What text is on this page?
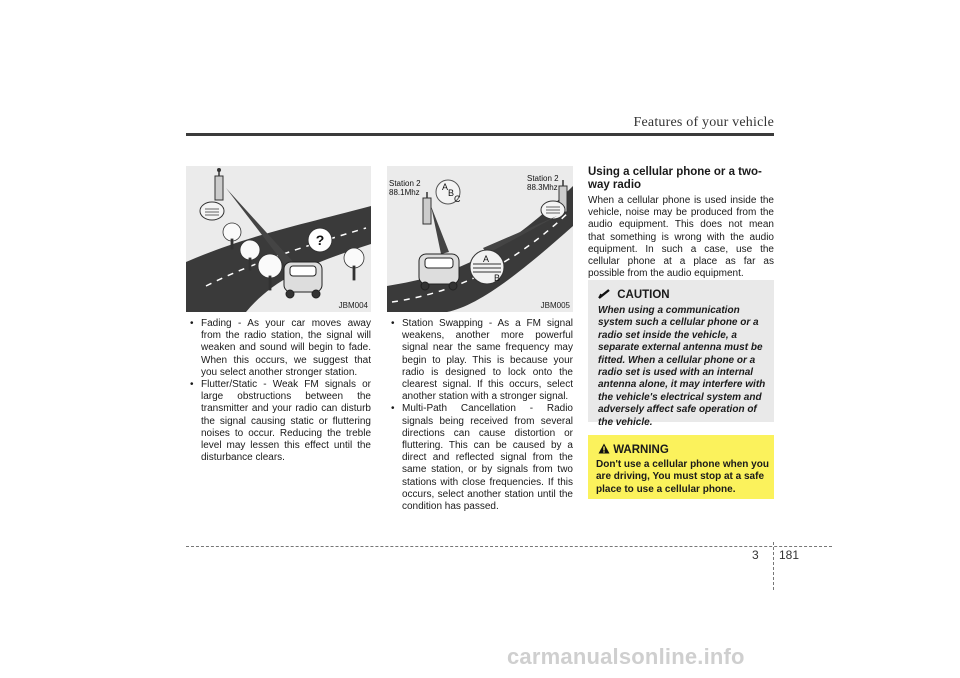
Features of your vehicle
?
JBM004
A
B
C
A
B
Station 2
88.1Mhz
Station 2
88.3Mhz
JBM005

• Fading - As your car moves away from the radio station, the signal will weaken and sound will begin to fade. When this occurs, we suggest that you select another stronger station.

• Flutter/Static - Weak FM signals or large obstructions between the transmitter and your radio can disturb the signal causing static or fluttering noises to occur. Reducing the treble level may lessen this effect until the disturbance clears.

• Station Swapping - As a FM signal weakens, another more powerful signal near the same frequency may begin to play. This is because your radio is designed to lock onto the clearest signal. If this occurs, select another station with a stronger signal.

• Multi-Path Cancellation - Radio signals being received from several directions can cause distortion or fluttering. This can be caused by a direct and reflected signal from the same station, or by signals from two stations with close frequencies. If this occurs, select another station until the condition has passed.

Using a cellular phone or a two-way radio

When a cellular phone is used inside the vehicle, noise may be produced from the audio equipment. This does not mean that something is wrong with the audio equipment. In such a case, use the cellular phone at a place as far as possible from the audio equipment.

CAUTION

When using a communication system such a cellular phone or a radio set inside the vehicle, a separate external antenna must be fitted. When a cellular phone or a radio set is used with an internal antenna alone, it may interfere with the vehicle's electrical system and adversely affect safe operation of the vehicle.

WARNING

Don't use a cellular phone when you are driving, You must stop at a safe place to use a cellular phone.

3 181
carmanualsonline.info
